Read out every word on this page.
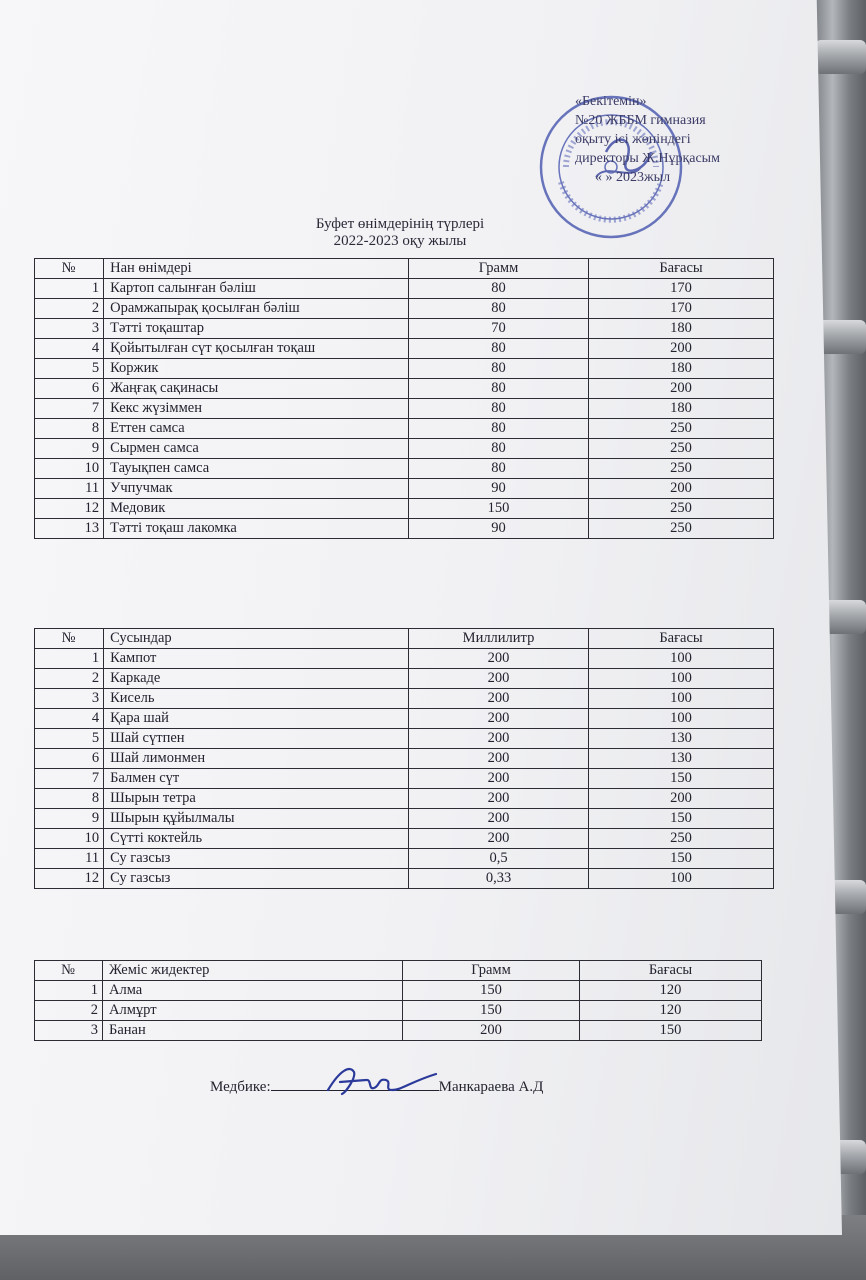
«Бекітемін»
№20 ЖББМ гимназия
оқыту ісі жөніндегі
директоры Ж.Нұрқасым
« » 2023жыл
Буфет өнімдерінің түрлері
2022-2023 оқу жылы
№	Нан өнімдері	Грамм	Бағасы
1	Картоп салынған бәліш	80	170
2	Орамжапырақ қосылған бәліш	80	170
3	Тәтті тоқаштар	70	180
4	Қойытылған сүт қосылған тоқаш	80	200
5	Коржик	80	180
6	Жаңғақ сақинасы	80	200
7	Кекс жүзіммен	80	180
8	Еттен самса	80	250
9	Сырмен самса	80	250
10	Тауықпен самса	80	250
11	Учпучмак	90	200
12	Медовик	150	250
13	Тәтті тоқаш лакомка	90	250
№	Сусындар	Миллилитр	Бағасы
1	Кампот	200	100
2	Каркаде	200	100
3	Кисель	200	100
4	Қара шай	200	100
5	Шай сүтпен	200	130
6	Шай лимонмен	200	130
7	Балмен сүт	200	150
8	Шырын тетра	200	200
9	Шырын құйылмалы	200	150
10	Сүтті коктейль	200	250
11	Су газсыз	0,5	150
12	Су газсыз	0,33	100
№	Жеміс жидектер	Грамм	Бағасы
1	Алма	150	120
2	Алмұрт	150	120
3	Банан	200	150
Медбике:	Манкараева А.Д
